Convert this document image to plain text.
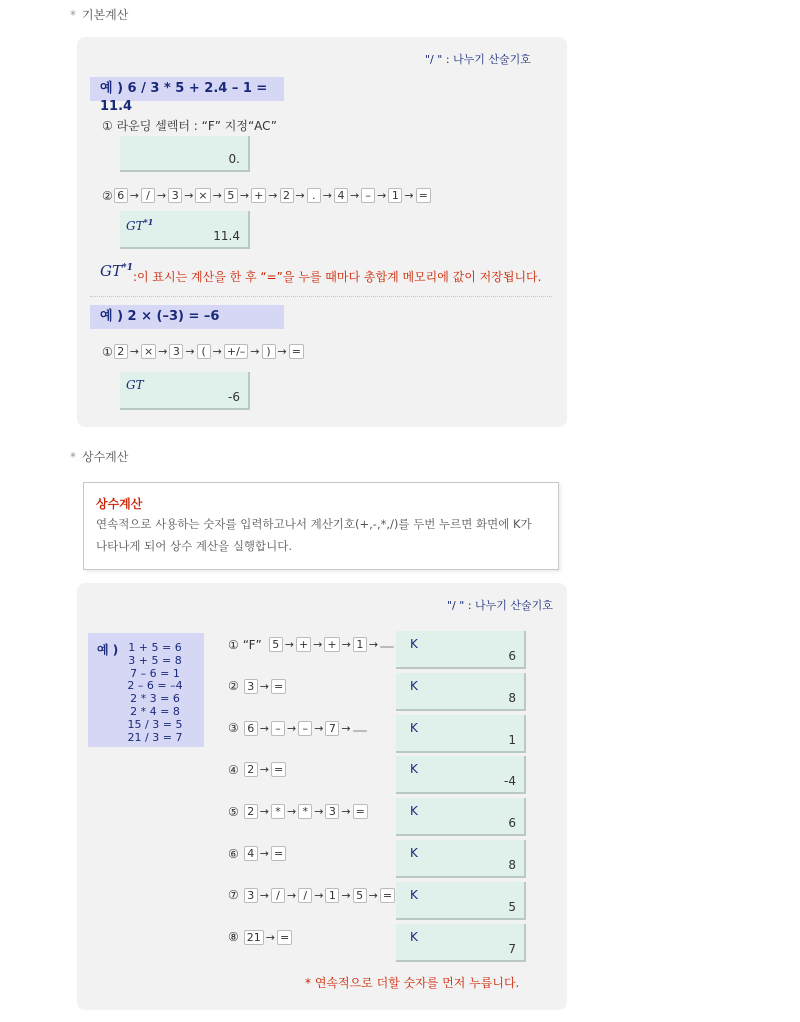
* 기본계산
"/ " : 나누기 산술기호
예 ) 6 / 3 * 5 + 2.4 – 1 = 11.4
① 라운딩 셀렉터 : “F” 지정“AC”
0.
② 6 → / → 3 → × → 5 → + → 2 → . → 4 → – → 1 → =
$GT^{*1}$
11.4
GT$^{*1}$
:이 표시는 계산을 한 후 “=”을 누를 때마다 총합계 메모리에 값이 저장됩니다.
예 ) 2 × (–3) = –6
① 2 → × → 3 → ( → +/– → ) → =
GT
-6
* 상수계산
상수계산
연속적으로 사용하는 숫자를 입력하고나서 계산기호(+,-,*,/)를 두번 누르면 화면에 K가
나타나게 되어 상수 계산을 실행합니다.
"/ " : 나누기 산술기호
예 ) 1 + 5 = 6
3 + 5 = 8
7 – 6 = 1
2 – 6 = –4
2 * 3 = 6
2 * 4 = 8
15 / 3 = 5
21 / 3 = 7
① “F” 5 → + → + → 1 →	K
6
② 3 → =	K
8
③ 6 → – → – → 7 →	K
1
④ 2 → =	K
-4
⑤ 2 → * → * → 3 → =	K
6
⑥ 4 → =	K
8
⑦ 3 → / → / → 1 → 5 → =	K
5
⑧ 21 → =	K
7
* 연속적으로 더할 숫자를 먼저 누릅니다.
